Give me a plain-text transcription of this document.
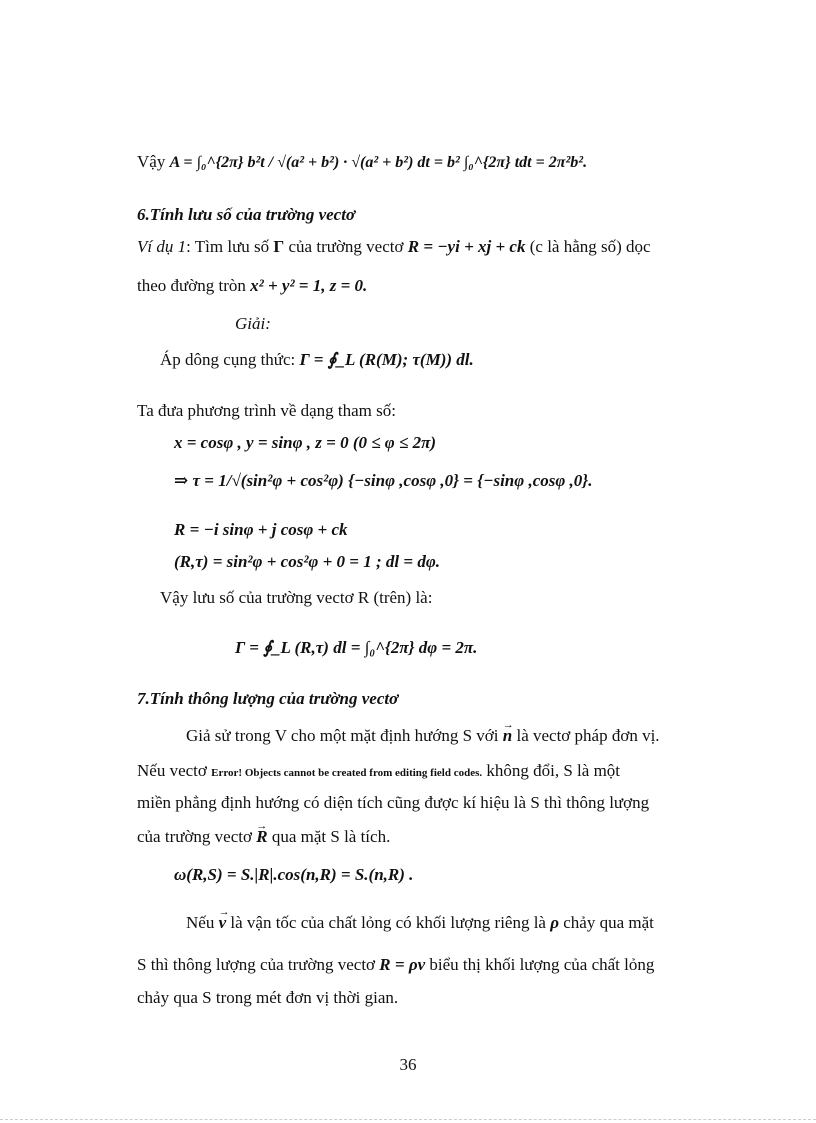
Vậy A = ∫₀^{2π} b²t / √(a² + b²) · √(a² + b²) dt = b² ∫₀^{2π} tdt = 2π²b².
6.Tính lưu số của trường vectơ
Ví dụ 1: Tìm lưu số Γ của trường vectơ R = −yi + xj + ck (c là hằng số) dọc
theo đường tròn x² + y² = 1, z = 0.
Giải:
Áp dông cụng thức: Γ = ∮_L (R(M); τ(M)) dl.
Ta đưa phương trình về dạng tham số:
x = cosφ , y = sinφ , z = 0 (0 ≤ φ ≤ 2π)
⇒ τ = 1/√(sin²φ + cos²φ) {−sinφ ,cosφ ,0} = {−sinφ ,cosφ ,0}.
R = −i sinφ + j cosφ + ck
(R,τ) = sin²φ + cos²φ + 0 = 1 ; dl = dφ.
Vậy lưu số của trường vectơ R (trên) là:
Γ = ∮_L (R,τ) dl = ∫₀^{2π} dφ = 2π.
7.Tính thông lượng của trường vectơ
Giả sử trong V cho một mặt định hướng S với → n là vectơ pháp đơn vị.
Nếu vectơ Error! Objects cannot be created from editing field codes. không đổi, S là một
miền phẳng định hướng có diện tích cũng được kí hiệu là S thì thông lượng
của trường vectơ → R qua mặt S là tích.
ω(R,S) = S.|R|.cos(n,R) = S.(n,R) .
Nếu → v là vận tốc của chất lỏng có khối lượng riêng là ρ chảy qua mặt
S thì thông lượng của trường vectơ R = ρv biểu thị khối lượng của chất lỏng
chảy qua S trong mét đơn vị thời gian.
36
